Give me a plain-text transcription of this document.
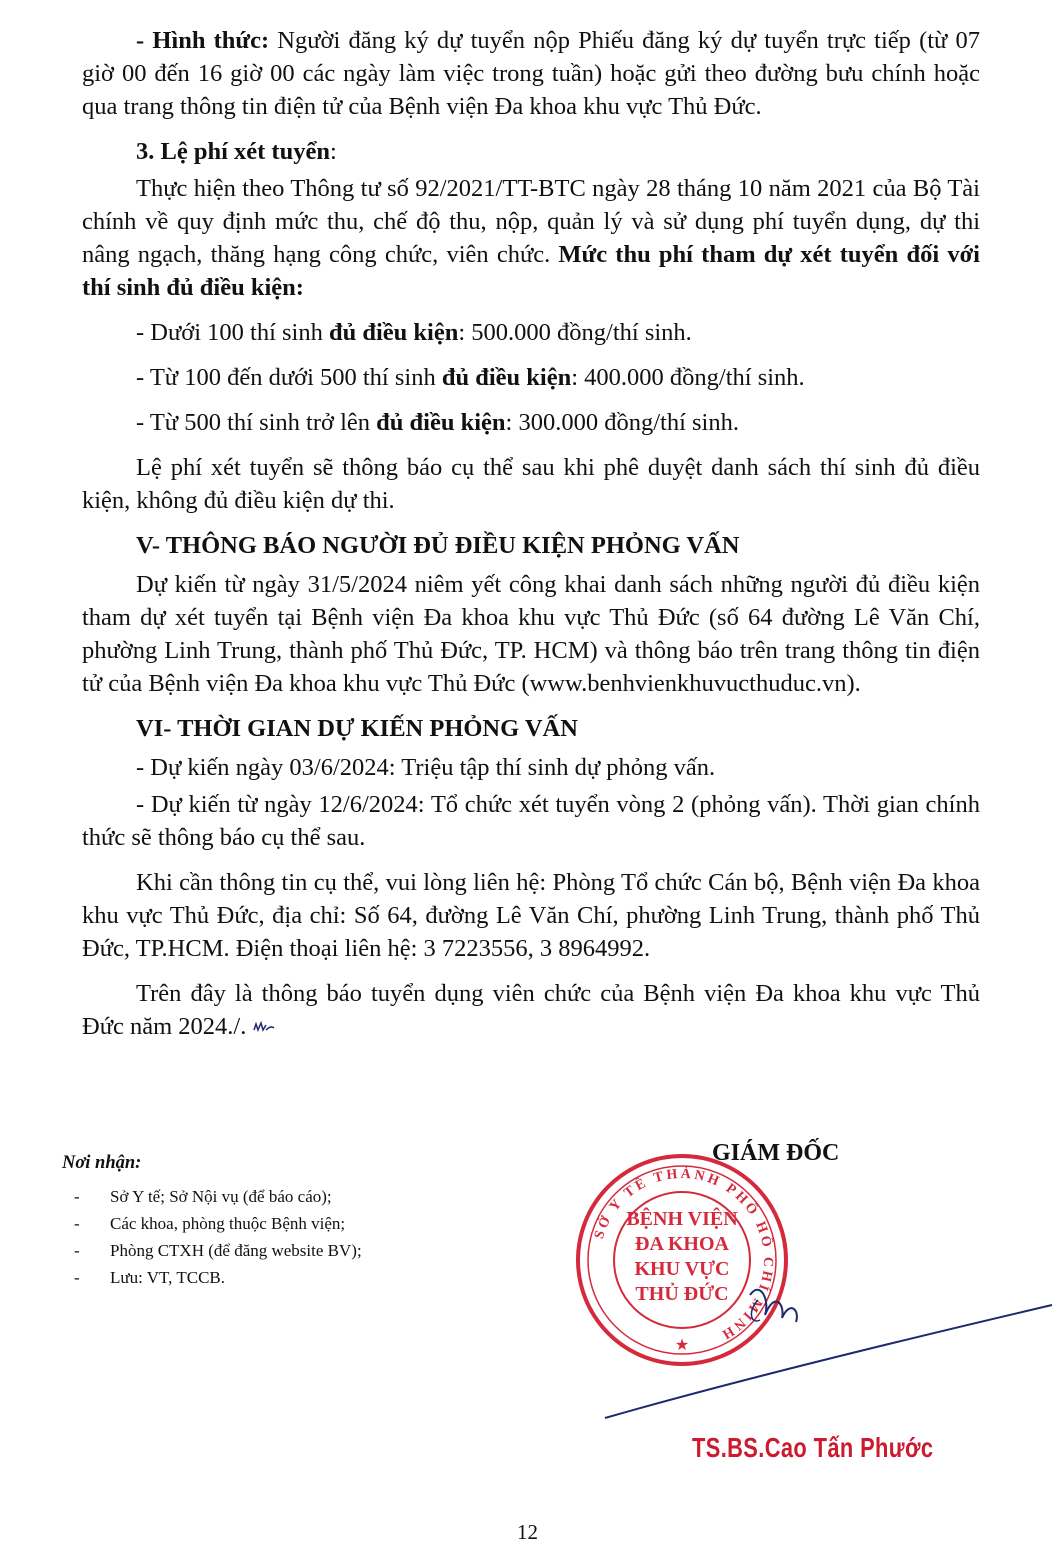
- Hình thức: Người đăng ký dự tuyển nộp Phiếu đăng ký dự tuyển trực tiếp (từ 07 giờ 00 đến 16 giờ 00 các ngày làm việc trong tuần) hoặc gửi theo đường bưu chính hoặc qua trang thông tin điện tử của Bệnh viện Đa khoa khu vực Thủ Đức.

3. Lệ phí xét tuyển:

Thực hiện theo Thông tư số 92/2021/TT-BTC ngày 28 tháng 10 năm 2021 của Bộ Tài chính về quy định mức thu, chế độ thu, nộp, quản lý và sử dụng phí tuyển dụng, dự thi nâng ngạch, thăng hạng công chức, viên chức. Mức thu phí tham dự xét tuyển đối với thí sinh đủ điều kiện:

- Dưới 100 thí sinh đủ điều kiện: 500.000 đồng/thí sinh.

- Từ 100 đến dưới 500 thí sinh đủ điều kiện: 400.000 đồng/thí sinh.

- Từ 500 thí sinh trở lên đủ điều kiện: 300.000 đồng/thí sinh.

Lệ phí xét tuyển sẽ thông báo cụ thể sau khi phê duyệt danh sách thí sinh đủ điều kiện, không đủ điều kiện dự thi.

V- THÔNG BÁO NGƯỜI ĐỦ ĐIỀU KIỆN PHỎNG VẤN

Dự kiến từ ngày 31/5/2024 niêm yết công khai danh sách những người đủ điều kiện tham dự xét tuyển tại Bệnh viện Đa khoa khu vực Thủ Đức (số 64 đường Lê Văn Chí, phường Linh Trung, thành phố Thủ Đức, TP. HCM) và thông báo trên trang thông tin điện tử của Bệnh viện Đa khoa khu vực Thủ Đức (www.benhvienkhuvucthuduc.vn).

VI- THỜI GIAN DỰ KIẾN PHỎNG VẤN

- Dự kiến ngày 03/6/2024: Triệu tập thí sinh dự phỏng vấn.

- Dự kiến từ ngày 12/6/2024: Tổ chức xét tuyển vòng 2 (phỏng vấn). Thời gian chính thức sẽ thông báo cụ thể sau.

Khi cần thông tin cụ thể, vui lòng liên hệ: Phòng Tổ chức Cán bộ, Bệnh viện Đa khoa khu vực Thủ Đức, địa chỉ: Số 64, đường Lê Văn Chí, phường Linh Trung, thành phố Thủ Đức, TP.HCM. Điện thoại liên hệ: 3 7223556, 3 8964992.

Trên đây là thông báo tuyển dụng viên chức của Bệnh viện Đa khoa khu vực Thủ Đức năm 2024./.

Nơi nhận:
- Sở Y tế; Sở Nội vụ (để báo cáo);
- Các khoa, phòng thuộc Bệnh viện;
- Phòng CTXH (để đăng website BV);
- Lưu: VT, TCCB.
GIÁM ĐỐC
SỞ Y TẾ THÀNH PHỐ HỒ CHÍ MINH
BỆNH VIỆN
ĐA KHOA
KHU VỰC
THỦ ĐỨC
★
TS.BS.Cao Tấn Phước
12
